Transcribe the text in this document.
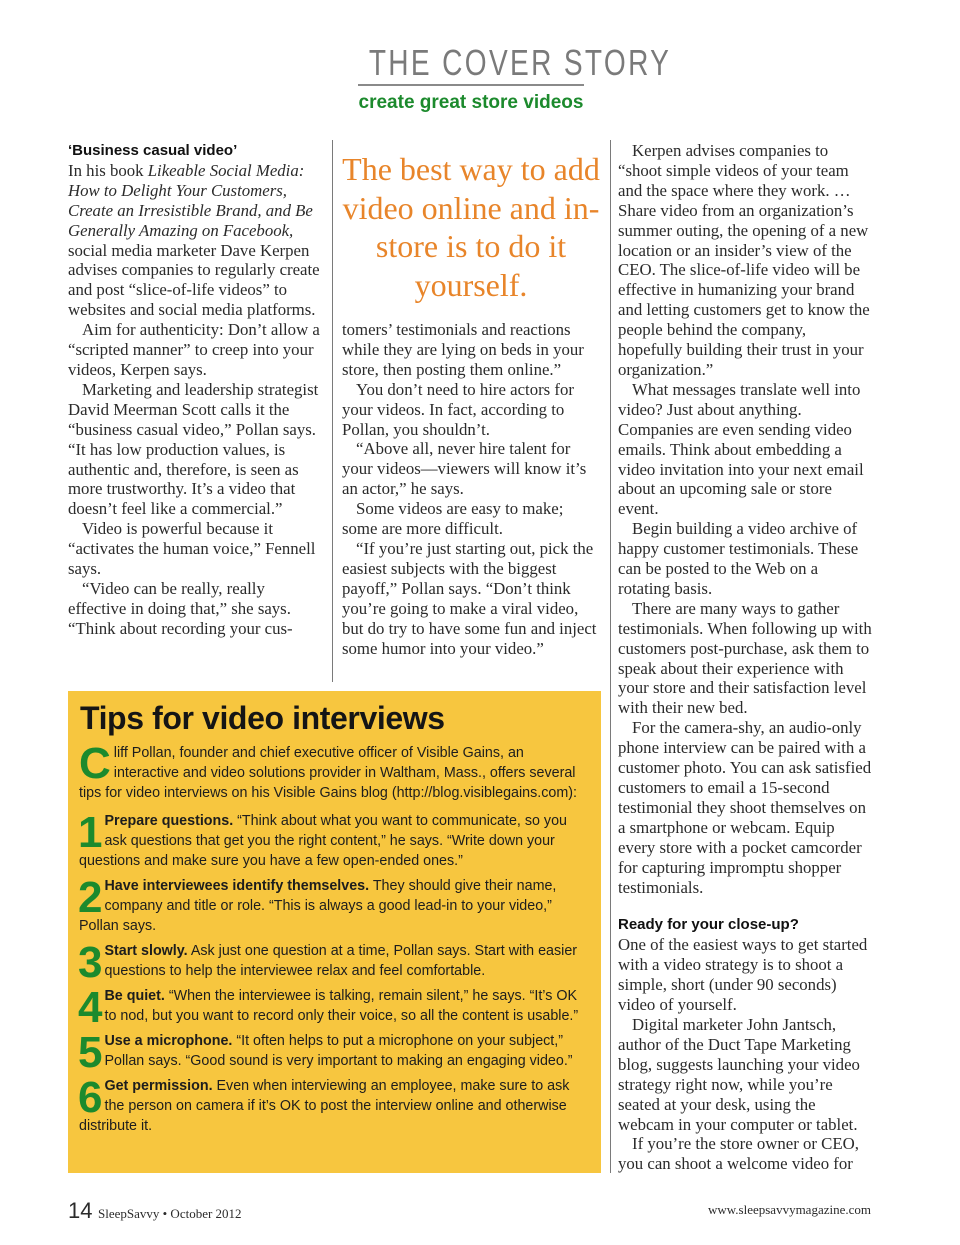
THE COVER STORY
create great store videos

‘Business casual video’

In his book Likeable Social Media: How to Delight Your Customers, Create an Irresistible Brand, and Be Generally Amazing on Facebook, social media marketer Dave Kerpen advises companies to regularly create and post “slice-of-life videos” to websites and social media platforms.

Aim for authenticity: Don’t allow a “scripted manner” to creep into your videos, Kerpen says.

Marketing and leadership strategist David Meerman Scott calls it the “business casual video,” Pollan says. “It has low production values, is authentic and, therefore, is seen as more trustworthy. It’s a video that doesn’t feel like a commercial.”

Video is powerful because it “activates the human voice,” Fennell says.

“Video can be really, really effective in doing that,” she says. “Think about recording your cus-

The best way to add video online and in-store is to do it yourself.

tomers’ testimonials and reactions while they are lying on beds in your store, then posting them online.”

You don’t need to hire actors for your videos. In fact, according to Pollan, you shouldn’t.

“Above all, never hire talent for your videos—viewers will know it’s an actor,” he says.

Some videos are easy to make; some are more difficult.

“If you’re just starting out, pick the easiest subjects with the biggest payoff,” Pollan says. “Don’t think you’re going to make a viral video, but do try to have some fun and inject some humor into your video.”

Tips for video interviews

Cliff Pollan, founder and chief executive officer of Visible Gains, an interactive and video solutions provider in Waltham, Mass., offers several tips for video interviews on his Visible Gains blog (http://blog.visiblegains.com):

1 Prepare questions. “Think about what you want to communicate, so you ask questions that get you the right content,” he says. “Write down your questions and make sure you have a few open-ended ones.”

2 Have interviewees identify themselves. They should give their name, company and title or role. “This is always a good lead-in to your video,” Pollan says.

3 Start slowly. Ask just one question at a time, Pollan says. Start with easier questions to help the interviewee relax and feel comfortable.

4 Be quiet. “When the interviewee is talking, remain silent,” he says. “It’s OK to nod, but you want to record only their voice, so all the content is usable.”

5 Use a microphone. “It often helps to put a microphone on your subject,” Pollan says. “Good sound is very important to making an engaging video.”

6 Get permission. Even when interviewing an employee, make sure to ask the person on camera if it’s OK to post the interview online and otherwise distribute it.

Kerpen advises companies to “shoot simple videos of your team and the space where they work. … Share video from an organization’s summer outing, the opening of a new location or an insider’s view of the CEO. The slice-of-life video will be effective in humanizing your brand and letting customers get to know the people behind the company, hopefully building their trust in your organization.”

What messages translate well into video? Just about anything. Companies are even sending video emails. Think about embedding a video invitation into your next email about an upcoming sale or store event.

Begin building a video archive of happy customer testimonials. These can be posted to the Web on a rotating basis.

There are many ways to gather testimonials. When following up with customers post-purchase, ask them to speak about their experience with your store and their satisfaction level with their new bed.

For the camera-shy, an audio-only phone interview can be paired with a customer photo. You can ask satisfied customers to email a 15-second testimonial they shoot themselves on a smartphone or webcam. Equip every store with a pocket camcorder for capturing impromptu shopper testimonials.

Ready for your close-up?

One of the easiest ways to get started with a video strategy is to shoot a simple, short (under 90 seconds) video of yourself.

Digital marketer John Jantsch, author of the Duct Tape Marketing blog, suggests launching your video strategy right now, while you’re seated at your desk, using the webcam in your computer or tablet.

If you’re the store owner or CEO, you can shoot a welcome video for

14 SleepSavvy • October 2012	www.sleepsavvymagazine.com
